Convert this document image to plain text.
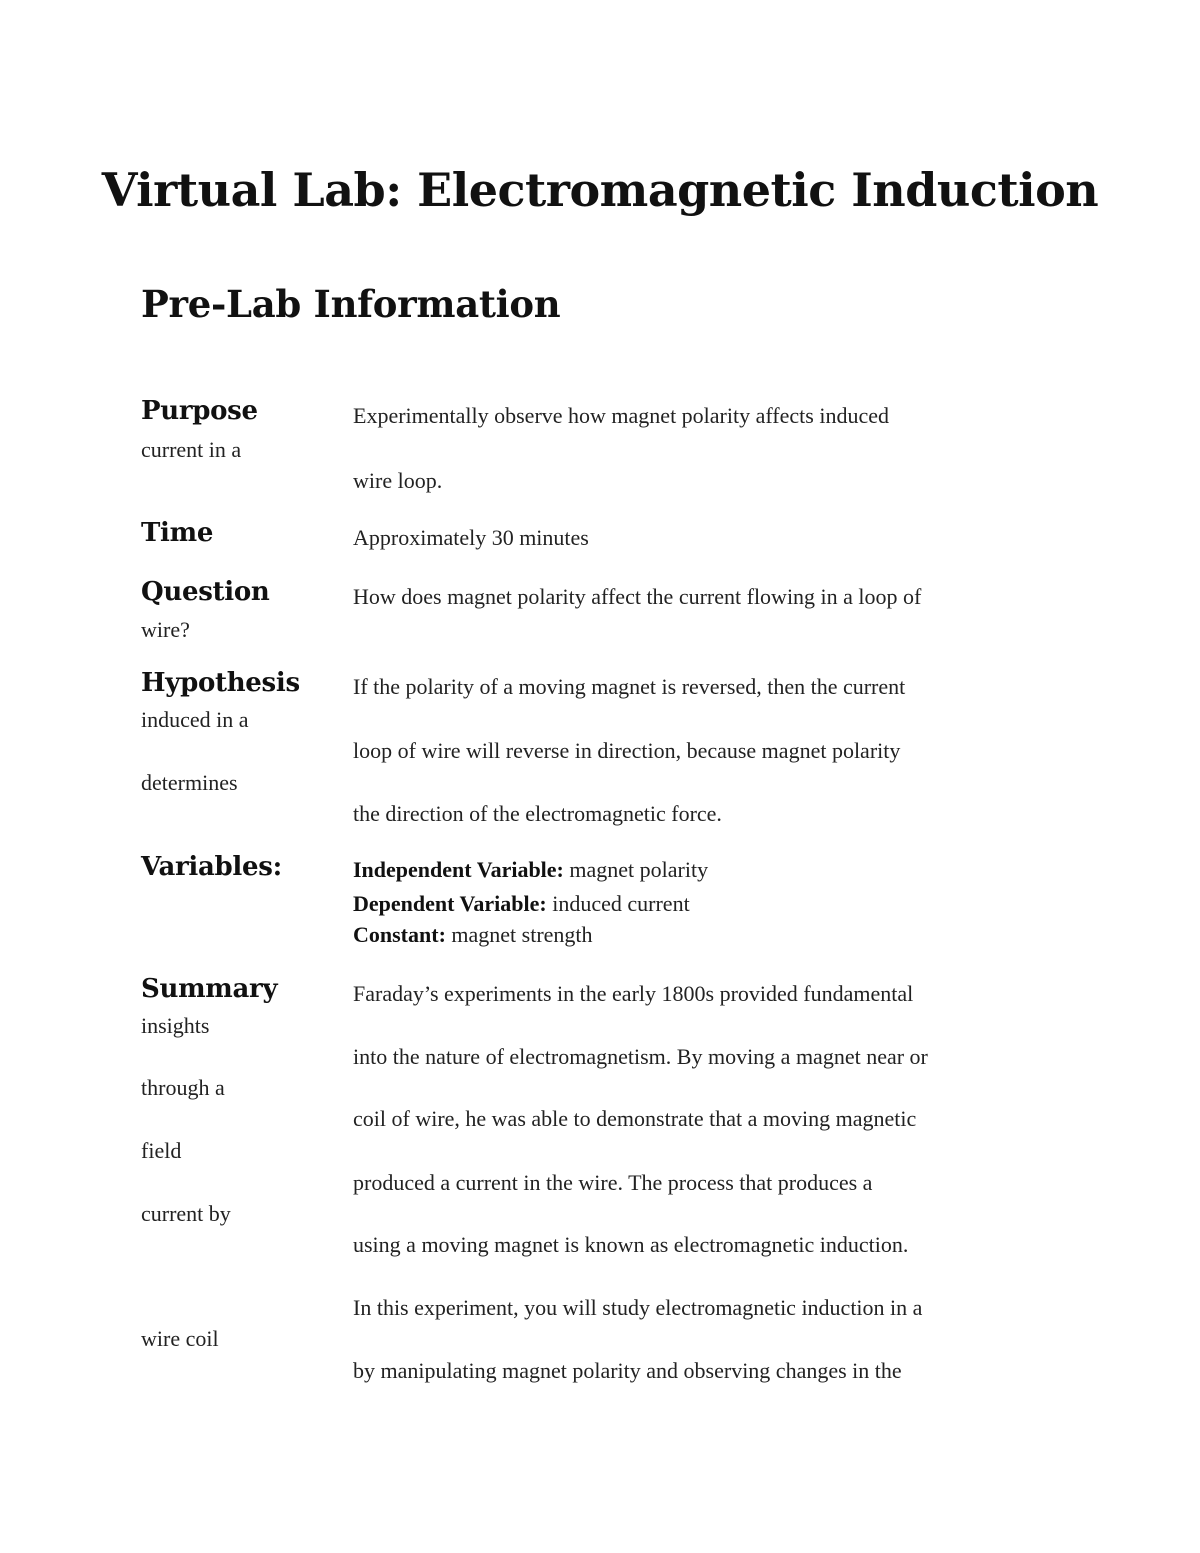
Virtual Lab: Electromagnetic Induction
Pre-Lab Information
Purpose
current in a
Experimentally observe how magnet polarity affects induced
wire loop.
Time	Approximately 30 minutes
Question
wire?
How does magnet polarity affect the current flowing in a loop of
Hypothesis
induced in a
determines
If the polarity of a moving magnet is reversed, then the current
loop of wire will reverse in direction, because magnet polarity
the direction of the electromagnetic force.
Variables:	Independent Variable: magnet polarity
Dependent Variable: induced current
Constant: magnet strength
Summary
insights
through a
field
current by
wire coil
Faraday’s experiments in the early 1800s provided fundamental
into the nature of electromagnetism. By moving a magnet near or
coil of wire, he was able to demonstrate that a moving magnetic
produced a current in the wire. The process that produces a
using a moving magnet is known as electromagnetic induction.
In this experiment, you will study electromagnetic induction in a
by manipulating magnet polarity and observing changes in the
